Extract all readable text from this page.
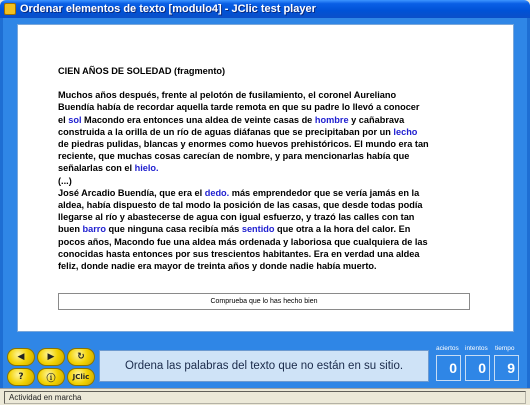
Ordenar elementos de texto [modulo4] - JClic test player
CIEN AÑOS DE SOLEDAD (fragmento)
Muchos años después, frente al pelotón de fusilamiento, el coronel Aureliano
Buendía había de recordar aquella tarde remota en que su padre lo llevó a conocer
el sol Macondo era entonces una aldea de veinte casas de hombre y cañabrava
construida a la orilla de un río de aguas diáfanas que se precipitaban por un lecho
de piedras pulidas, blancas y enormes como huevos prehistóricos. El mundo era tan
reciente, que muchas cosas carecían de nombre, y para mencionarlas había que
señalarlas con el hielo.
(...)
José Arcadio Buendía, que era el dedo. más emprendedor que se vería jamás en la
aldea, había dispuesto de tal modo la posición de las casas, que desde todas podía
llegarse al río y abastecerse de agua con igual esfuerzo, y trazó las calles con tan
buen barro que ninguna casa recibía más sentido que otra a la hora del calor. En
pocos años, Macondo fue una aldea más ordenada y laboriosa que cualquiera de las
conocidas hasta entonces por sus trescientos habitantes. Era en verdad una aldea
feliz, donde nadie era mayor de treinta años y donde nadie había muerto.
Comprueba que lo has hecho bien
◀	▶	↻
?	ⓘ JClic
Ordena las palabras del texto que no están en su sitio.
aciertos intentos tiempo
0	0	9
Actividad en marcha
